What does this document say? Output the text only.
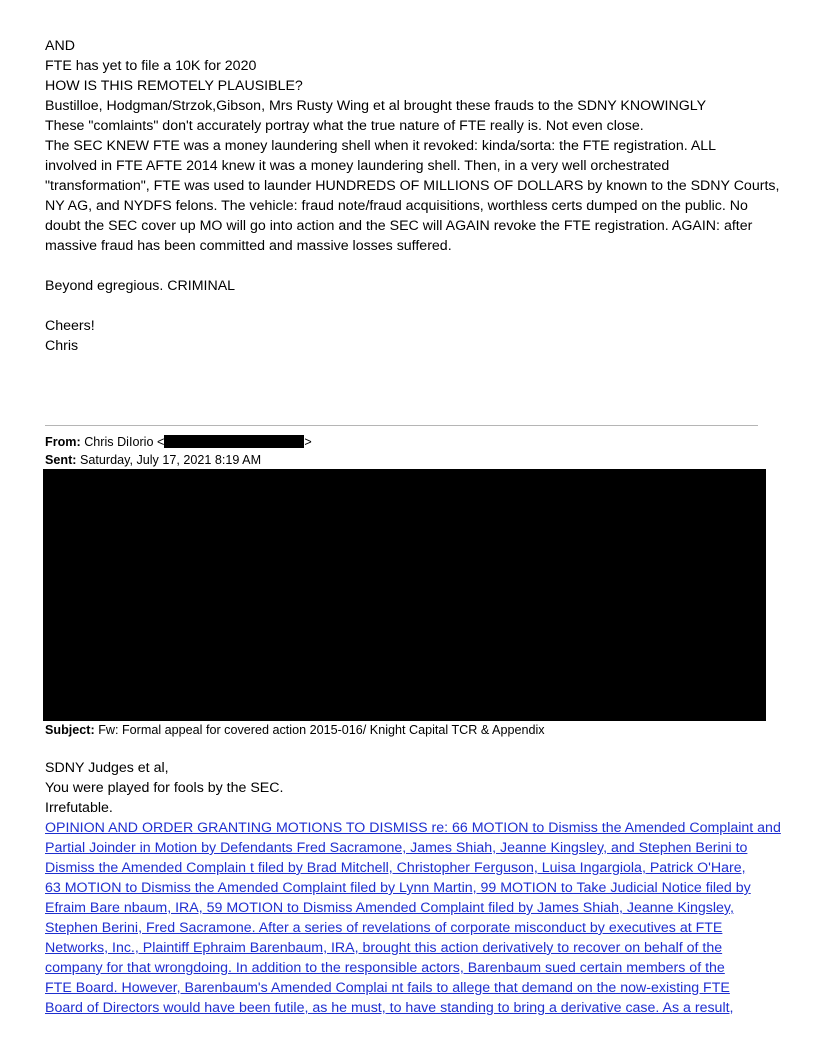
AND
FTE has yet to file a 10K for 2020
HOW IS THIS REMOTELY PLAUSIBLE?
Bustilloe, Hodgman/Strzok,Gibson, Mrs Rusty Wing et al brought these frauds to the SDNY KNOWINGLY
These "comlaints" don't accurately portray what the true nature of FTE really is. Not even close.
The SEC KNEW FTE was a money laundering shell when it revoked: kinda/sorta: the FTE registration. ALL
involved in FTE AFTE 2014 knew it was a money laundering shell. Then, in a very well orchestrated
"transformation", FTE was used to launder HUNDREDS OF MILLIONS OF DOLLARS by known to the SDNY Courts,
NY AG, and NYDFS felons. The vehicle: fraud note/fraud acquisitions, worthless certs dumped on the public. No
doubt the SEC cover up MO will go into action and the SEC will AGAIN revoke the FTE registration. AGAIN: after
massive fraud has been committed and massive losses suffered.
Beyond egregious. CRIMINAL
Cheers!
Chris
From: Chris DiIorio <	>
Sent: Saturday, July 17, 2021 8:19 AM
Subject: Fw: Formal appeal for covered action 2015-016/ Knight Capital TCR & Appendix
SDNY Judges et al,
You were played for fools by the SEC.
Irrefutable.
OPINION AND ORDER GRANTING MOTIONS TO DISMISS re: 66 MOTION to Dismiss the Amended Complaint and
Partial Joinder in Motion by Defendants Fred Sacramone, James Shiah, Jeanne Kingsley, and Stephen Berini to
Dismiss the Amended Complain t filed by Brad Mitchell, Christopher Ferguson, Luisa Ingargiola, Patrick O'Hare,
63 MOTION to Dismiss the Amended Complaint filed by Lynn Martin, 99 MOTION to Take Judicial Notice filed by
Efraim Bare nbaum, IRA, 59 MOTION to Dismiss Amended Complaint filed by James Shiah, Jeanne Kingsley,
Stephen Berini, Fred Sacramone. After a series of revelations of corporate misconduct by executives at FTE
Networks, Inc., Plaintiff Ephraim Barenbaum, IRA, brought this action derivatively to recover on behalf of the
company for that wrongdoing. In addition to the responsible actors, Barenbaum sued certain members of the
FTE Board. However, Barenbaum's Amended Complai nt fails to allege that demand on the now-existing FTE
Board of Directors would have been futile, as he must, to have standing to bring a derivative case. As a result,
